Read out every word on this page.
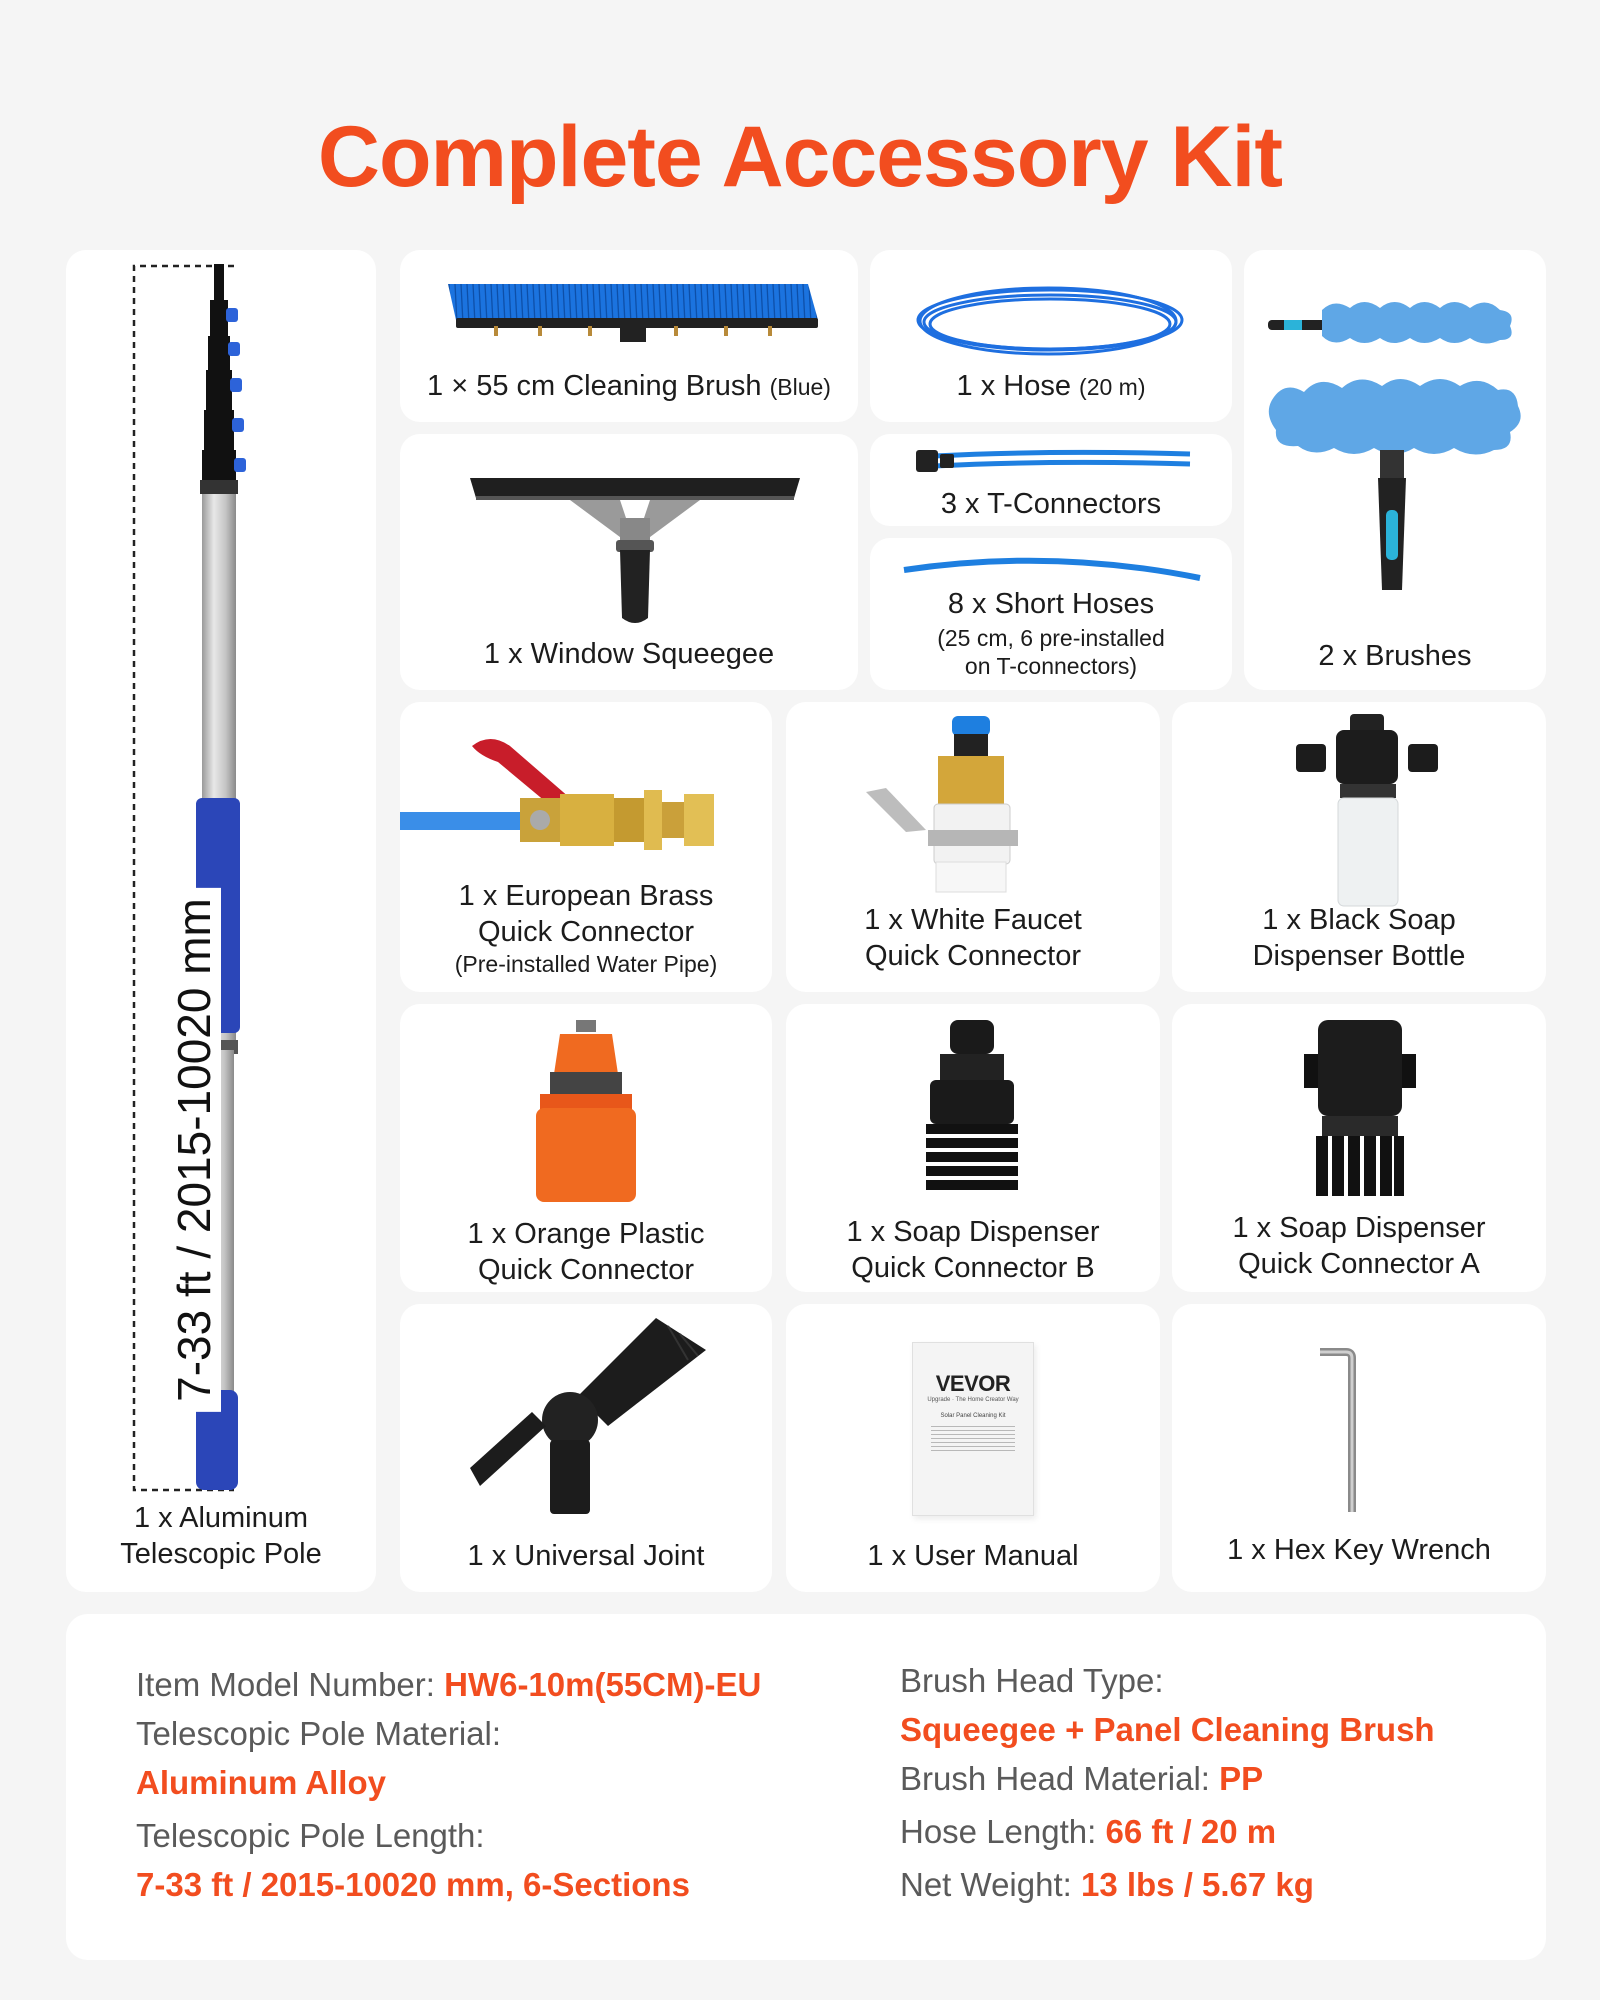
Complete Accessory Kit
7-33 ft / 2015-10020 mm
1 x Aluminum
Telescopic Pole
1 × 55 cm Cleaning Brush (Blue)	1 x Hose (20 m)
2 x Brushes
1 x Window Squeegee
3 x T-Connectors
8 x Short Hoses
(25 cm, 6 pre-installed
on T-connectors)
1 x European Brass
Quick Connector
(Pre-installed Water Pipe)
1 x White Faucet
Quick Connector
1 x Black Soap
Dispenser Bottle
1 x Orange Plastic
Quick Connector
1 x Soap Dispenser
Quick Connector B
1 x Soap Dispenser
Quick Connector A
1 x Universal Joint
VEVOR
Upgrade · The Home Creator Way
Solar Panel Cleaning Kit
1 x User Manual	1 x Hex Key Wrench
Item Model Number: HW6-10m(55CM)-EU
Telescopic Pole Material:
Aluminum Alloy
Telescopic Pole Length:
7-33 ft / 2015-10020 mm, 6-Sections
Brush Head Type:
Squeegee + Panel Cleaning Brush
Brush Head Material: PP
Hose Length: 66 ft / 20 m
Net Weight: 13 lbs / 5.67 kg
